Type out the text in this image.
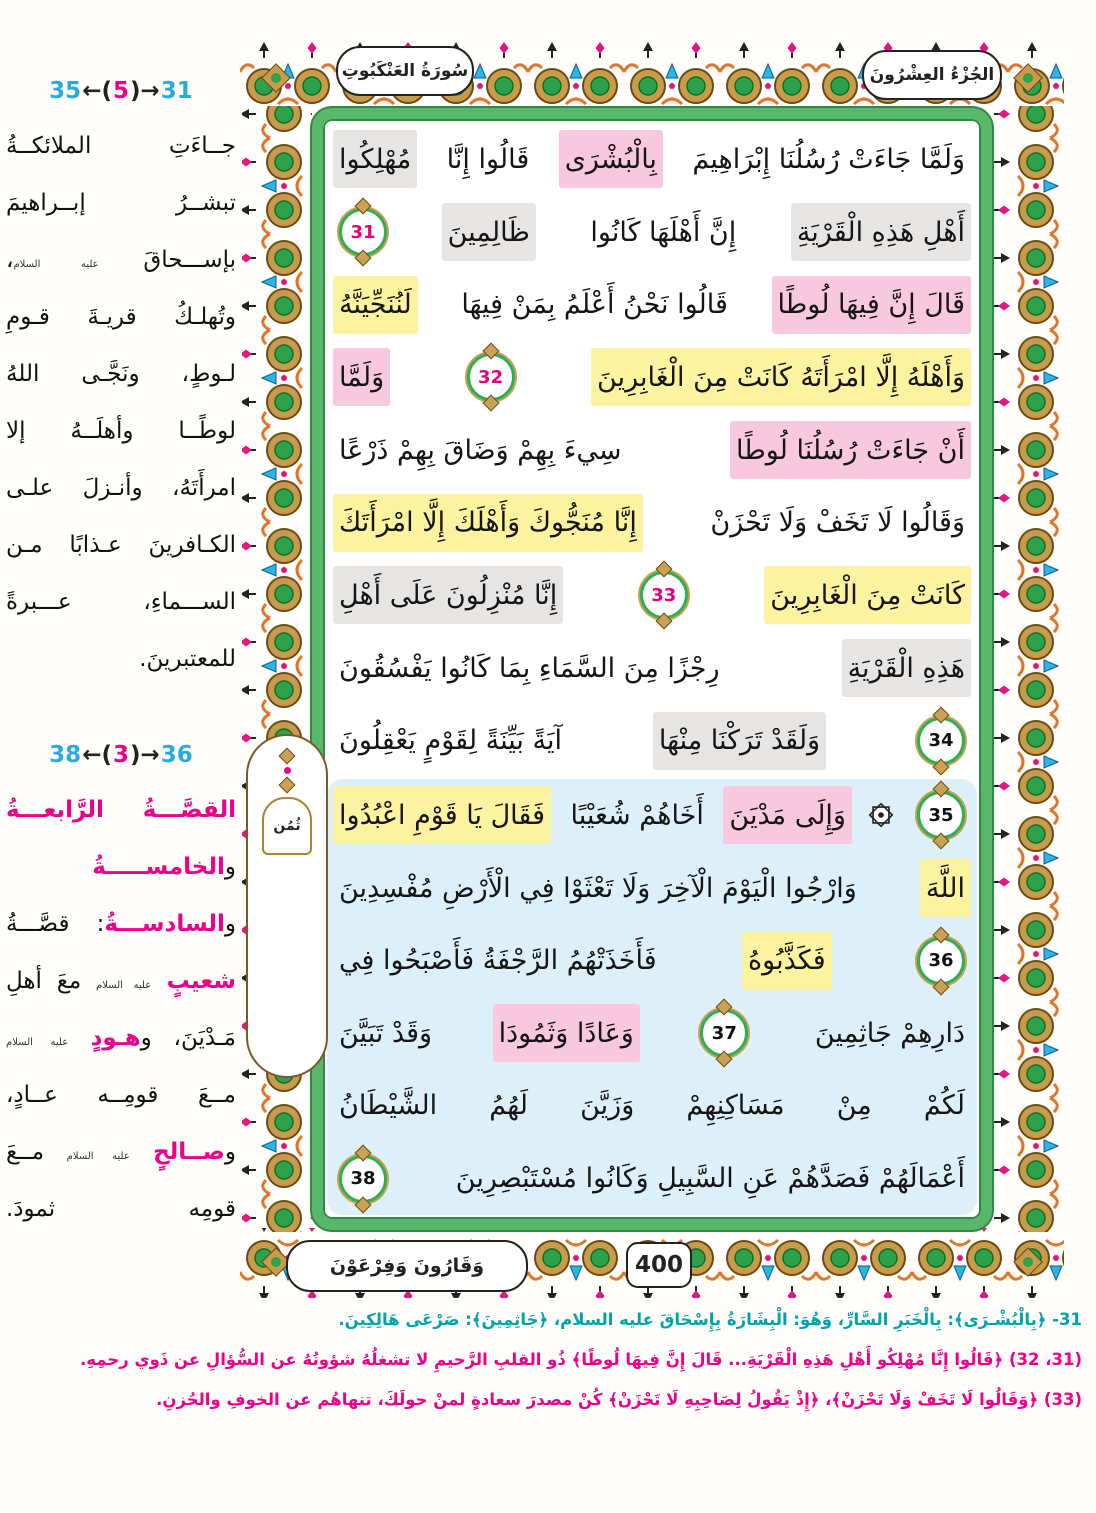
سُورَةُ العَنْكَبُوتِ	الجُزْءُ العِشْرُونَ
وَلَمَّا جَاءَتْ رُسُلُنَا إِبْرَاهِيمَ
بِالْبُشْرَى
قَالُوا إِنَّا
مُهْلِكُوا
أَهْلِ هَذِهِ الْقَرْيَةِ
إِنَّ أَهْلَهَا كَانُوا
ظَالِمِينَ
31
قَالَ إِنَّ فِيهَا لُوطًا
قَالُوا نَحْنُ أَعْلَمُ بِمَنْ فِيهَا
لَنُنَجِّيَنَّهُ
وَأَهْلَهُ إِلَّا امْرَأَتَهُ كَانَتْ مِنَ الْغَابِرِينَ
32
وَلَمَّا
أَنْ جَاءَتْ رُسُلُنَا لُوطًا
سِيءَ بِهِمْ وَضَاقَ بِهِمْ ذَرْعًا
وَقَالُوا لَا تَخَفْ وَلَا تَحْزَنْ
إِنَّا مُنَجُّوكَ وَأَهْلَكَ إِلَّا امْرَأَتَكَ
كَانَتْ مِنَ الْغَابِرِينَ
33
إِنَّا مُنْزِلُونَ عَلَى أَهْلِ
هَذِهِ الْقَرْيَةِ
رِجْزًا مِنَ السَّمَاءِ بِمَا كَانُوا يَفْسُقُونَ
34
وَلَقَدْ تَرَكْنَا مِنْهَا
آيَةً بَيِّنَةً لِقَوْمٍ يَعْقِلُونَ
35
وَإِلَى مَدْيَنَ
أَخَاهُمْ شُعَيْبًا
فَقَالَ يَا قَوْمِ اعْبُدُوا
اللَّهَ
وَارْجُوا الْيَوْمَ الْآخِرَ وَلَا تَعْثَوْا فِي الْأَرْضِ مُفْسِدِينَ
36
فَكَذَّبُوهُ
فَأَخَذَتْهُمُ الرَّجْفَةُ فَأَصْبَحُوا فِي
دَارِهِمْ جَاثِمِينَ
37
وَعَادًا وَثَمُودَا
وَقَدْ تَبَيَّنَ
لَكُمْ مِنْ مَسَاكِنِهِمْ وَزَيَّنَ لَهُمُ الشَّيْطَانُ
أَعْمَالَهُمْ فَصَدَّهُمْ عَنِ السَّبِيلِ وَكَانُوا مُسْتَبْصِرِينَ
38
ثُمُن
35 ←( 5 )→ 31
جــاءَتِ الملائكــةُ
تبشــرُ إبــراهيمَ
بإســـحاقَ عليه السلام،
وتُهلـكُ قريـةَ قـومِ
لـوطٍ، ونَجَّـى اللهُ
لوطًــا وأهلَــهُ إلا
امرأَتَهُ، وأنـزلَ علـى
الكـافرينَ عـذابًا مـن
الســـماءِ، عـــبرةً
للمعتبرينَ.
38 ←( 3 )→ 36
القصَّـــةُ الرَّابعـــةُ
والخامســـــةُ
والسادســـةُ: قصَّـــةُ
شعيبٍ عليه السلام معَ أهلِ
مَـدْيَنَ، وهـودٍ عليه السلام
مــعَ قومِــه عــادٍ،
وصــالحٍ عليه السلام مــعَ
قومِه ثمودَ.
وَقَارُونَ وَفِرْعَوْنَ	400
31- ﴿بِالْبُشْـرَى﴾: بِالْخَبَرِ السَّارِّ، وَهُوَ: الْبِشَارَةُ بِإِسْحَاقَ عليه السلام، ﴿جَاثِمِينَ﴾: صَرْعَى هَالِكِينَ.
(31، 32) ﴿قَالُوا إِنَّا مُهْلِكُو أَهْلِ هَذِهِ الْقَرْيَةِ... قَالَ إِنَّ فِيهَا لُوطًا﴾ ذُو القلبِ الرَّحيمِ لا تشغلُهُ شؤونُهُ عن السُّؤالِ عن ذَوي رحمِهِ.
(33) ﴿وَقَالُوا لَا تَخَفْ وَلَا تَحْزَنْ﴾، ﴿إِذْ يَقُولُ لِصَاحِبِهِ لَا تَحْزَنْ﴾ كُنْ مصدرَ سعادةٍ لمنْ حولَكَ، تنهاهُم عن الخوفِ والحُزنِ.
